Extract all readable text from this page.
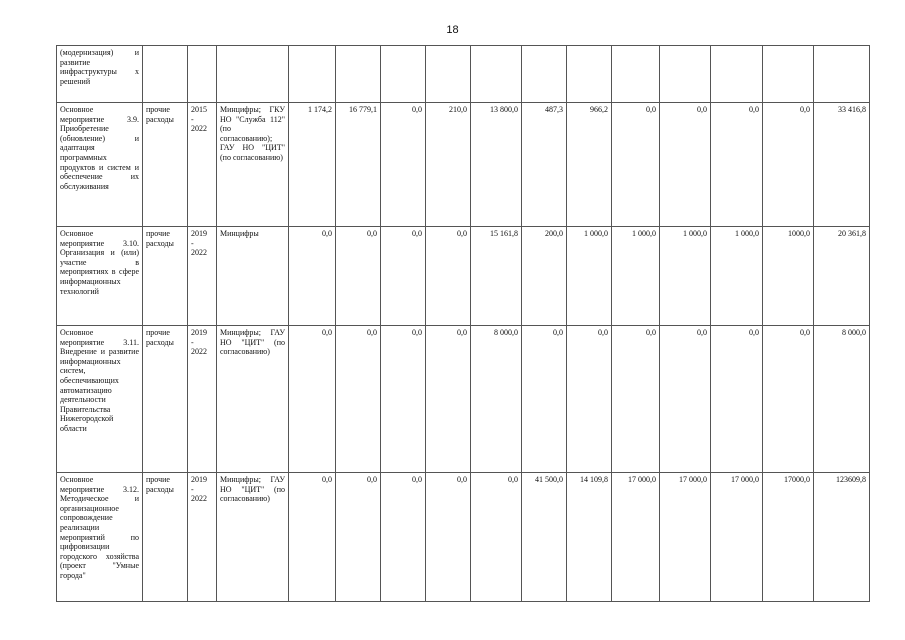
18
(модернизация) и развитие инфраструктуры х решений															
Основное мероприятие 3.9. Приобретение (обновление) и адаптация программных продуктов и систем и обеспечение их обслуживания	прочие расходы	2015
-
2022	Минцифры; ГКУ НО "Служба 112" (по согласованию); ГАУ НО "ЦИТ" (по согласованию)	1 174,2	16 779,1	0,0	210,0	13 800,0	487,3	966,2	0,0	0,0	0,0	0,0	33 416,8
Основное мероприятие 3.10. Организация и (или) участие в мероприятиях в сфере информационных технологий	прочие расходы	2019
-
2022	Минцифры	0,0	0,0	0,0	0,0	15 161,8	200,0	1 000,0	1 000,0	1 000,0	1 000,0	1000,0	20 361,8
Основное мероприятие 3.11. Внедрение и развитие информационных систем, обеспечивающих автоматизацию деятельности Правительства Нижегородской области	прочие расходы	2019
-
2022	Минцифры; ГАУ НО "ЦИТ" (по согласованию)	0,0	0,0	0,0	0,0	8 000,0	0,0	0,0	0,0	0,0	0,0	0,0	8 000,0
Основное мероприятие 3.12. Методическое и организационное сопровождение реализации мероприятий по цифровизации городского хозяйства (проект "Умные города"	прочие расходы	2019
-
2022	Минцифры; ГАУ НО "ЦИТ" (по согласованию)	0,0	0,0	0,0	0,0	0,0	41 500,0	14 109,8	17 000,0	17 000,0	17 000,0	17000,0	123609,8
